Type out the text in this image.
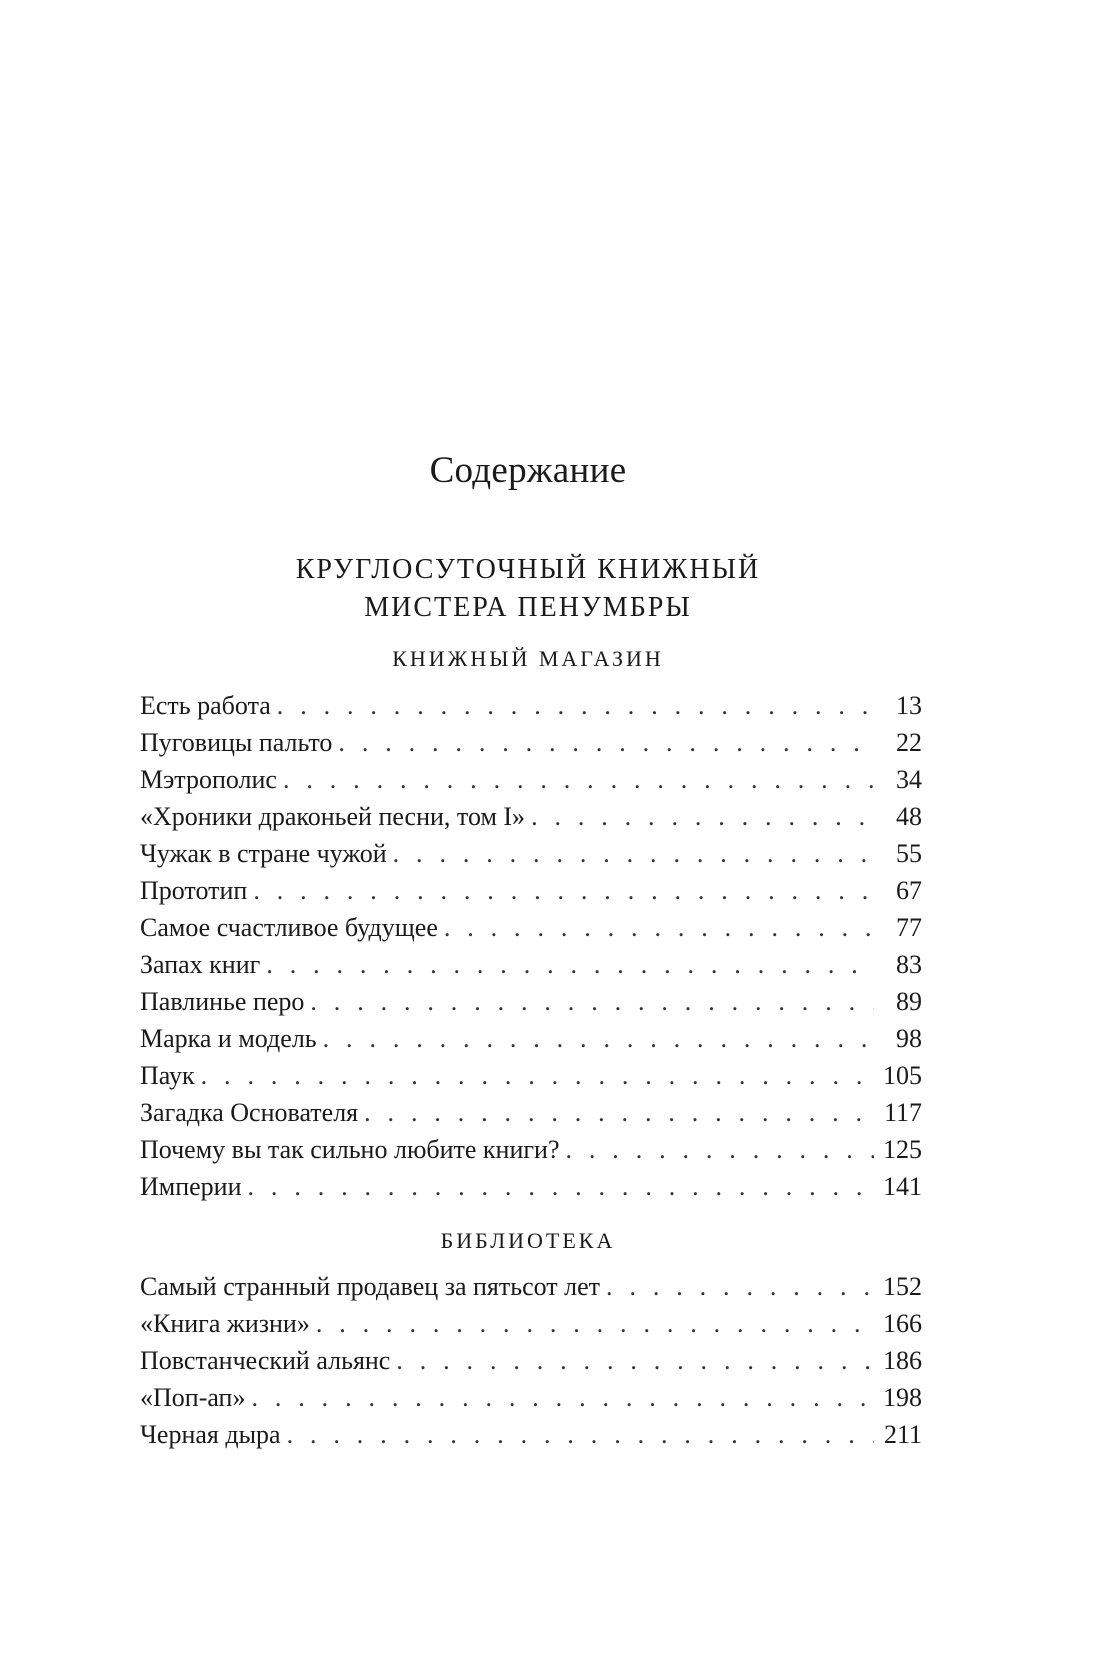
Содержание
КРУГЛОСУТОЧНЫЙ КНИЖНЫЙ
МИСТЕРА ПЕНУМБРЫ
КНИЖНЫЙ МАГАЗИН
Есть работа . . .	13
Пуговицы пальто . . .	22
Мэтрополис . . .	34
«Хроники драконьей песни, том I» . . .	48
Чужак в стране чужой . . .	55
Прототип . . .	67
Самое счастливое будущее . . .	77
Запах книг . . .	83
Павлинье перо . . .	89
Марка и модель . . .	98
Паук . . .	105
Загадка Основателя . . .	117
Почему вы так сильно любите книги? . . .	125
Империи . . .	141
БИБЛИОТЕКА
Самый странный продавец за пятьсот лет . . .	152
«Книга жизни» . . .	166
Повстанческий альянс . . .	186
«Поп-ап» . . .	198
Черная дыра . . .	211
